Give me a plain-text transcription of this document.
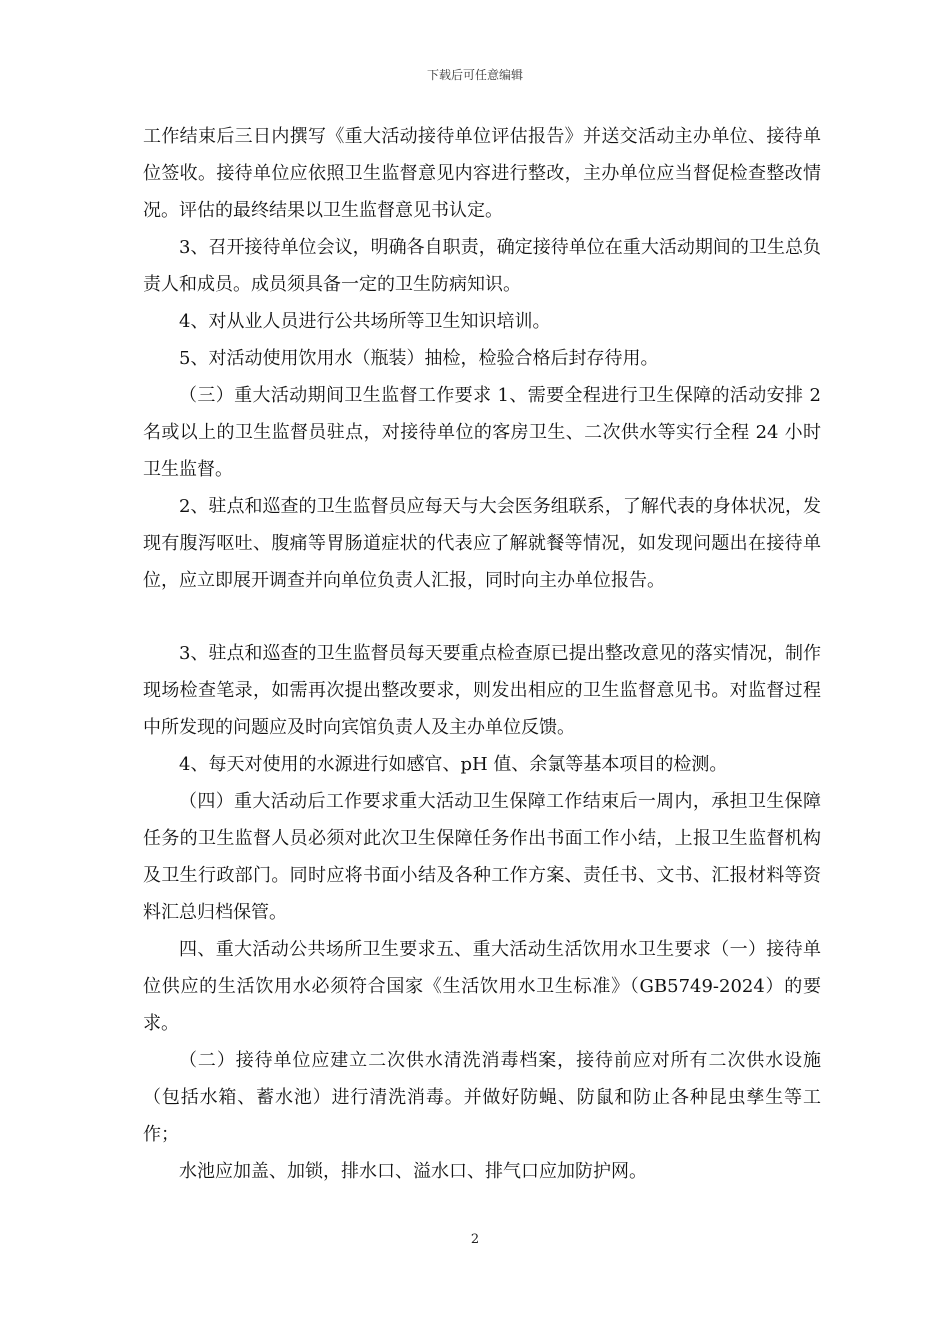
下载后可任意编辑

工作结束后三日内撰写《重大活动接待单位评估报告》并送交活动主办单位、接待单位签收。接待单位应依照卫生监督意见内容进行整改，主办单位应当督促检查整改情况。评估的最终结果以卫生监督意见书认定。

3、召开接待单位会议，明确各自职责，确定接待单位在重大活动期间的卫生总负责人和成员。成员须具备一定的卫生防病知识。

4、对从业人员进行公共场所等卫生知识培训。

5、对活动使用饮用水（瓶装）抽检，检验合格后封存待用。

（三）重大活动期间卫生监督工作要求 1、需要全程进行卫生保障的活动安排 2 名或以上的卫生监督员驻点，对接待单位的客房卫生、二次供水等实行全程 24 小时卫生监督。

2、驻点和巡查的卫生监督员应每天与大会医务组联系，了解代表的身体状况，发现有腹泻呕吐、腹痛等胃肠道症状的代表应了解就餐等情况，如发现问题出在接待单位，应立即展开调查并向单位负责人汇报，同时向主办单位报告。

3、驻点和巡查的卫生监督员每天要重点检查原已提出整改意见的落实情况，制作现场检查笔录，如需再次提出整改要求，则发出相应的卫生监督意见书。对监督过程中所发现的问题应及时向宾馆负责人及主办单位反馈。

4、每天对使用的水源进行如感官、pH 值、余氯等基本项目的检测。

（四）重大活动后工作要求重大活动卫生保障工作结束后一周内，承担卫生保障任务的卫生监督人员必须对此次卫生保障任务作出书面工作小结，上报卫生监督机构及卫生行政部门。同时应将书面小结及各种工作方案、责任书、文书、汇报材料等资料汇总归档保管。

四、重大活动公共场所卫生要求五、重大活动生活饮用水卫生要求（一）接待单位供应的生活饮用水必须符合国家《生活饮用水卫生标准》（GB5749-2024）的要求。

（二）接待单位应建立二次供水清洗消毒档案，接待前应对所有二次供水设施（包括水箱、蓄水池）进行清洗消毒。并做好防蝇、防鼠和防止各种昆虫孳生等工作；

水池应加盖、加锁，排水口、溢水口、排气口应加防护网。

2
